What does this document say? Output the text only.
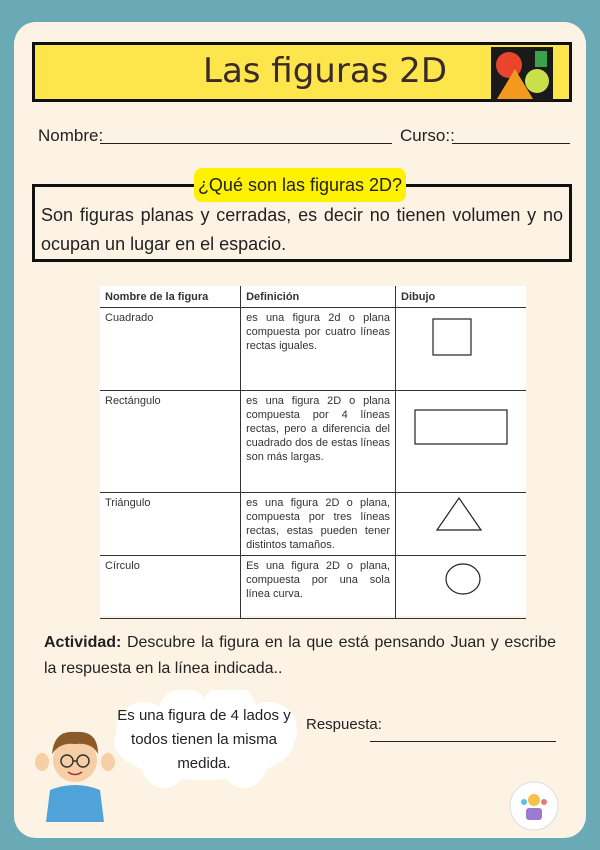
Las figuras 2D
Nombre:	Curso::
Son figuras planas y cerradas, es decir no tienen volumen y no ocupan un lugar en el espacio.
¿Qué son las figuras 2D?
Nombre de la figura	Definición	Dibujo
Cuadrado	es una figura 2d o plana compuesta por cuatro líneas rectas iguales.	
Rectángulo	es una figura 2D o plana compuesta por 4 líneas rectas, pero a diferencia del cuadrado dos de estas líneas son más largas.	
Triángulo	es una figura 2D o plana, compuesta por tres líneas rectas, estas pueden tener distintos tamaños.	
Círculo	Es una figura 2D o plana, compuesta por una sola línea curva.	
Actividad: Descubre la figura en la que está pensando Juan y escribe la respuesta en la línea indicada..
Es una figura de 4 lados y todos tienen la misma medida.
Respuesta:
